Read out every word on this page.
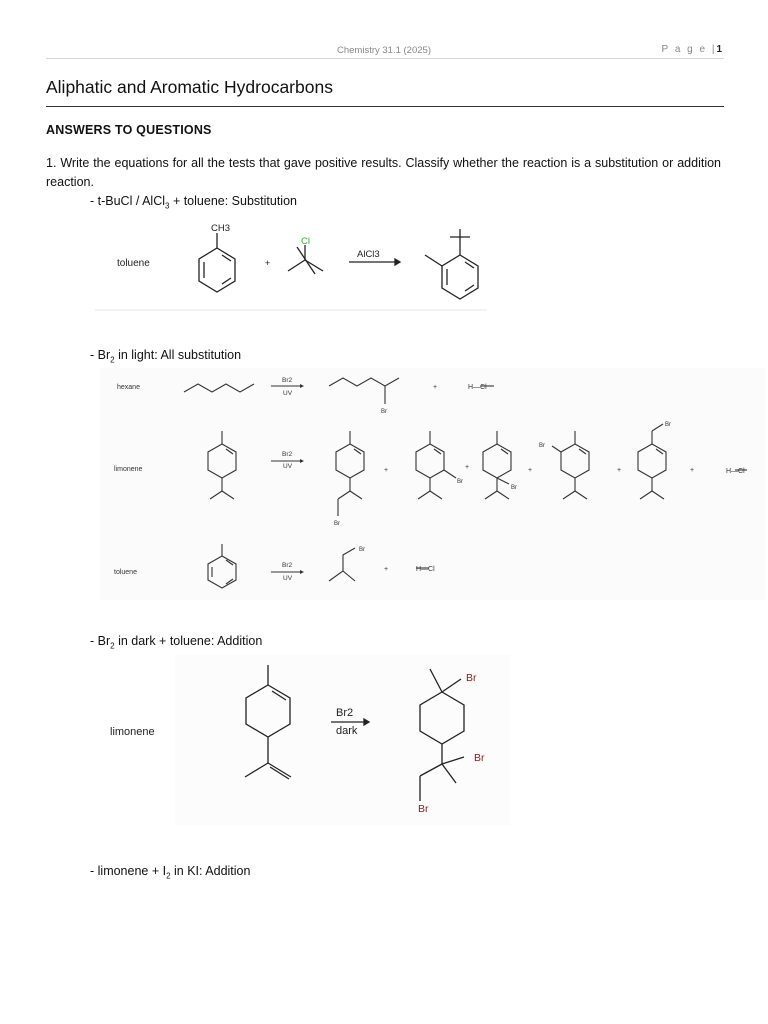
Chemistry 31.1 (2025)	P a g e |1
Aliphatic and Aromatic Hydrocarbons
ANSWERS TO QUESTIONS
1. Write the equations for all the tests that gave positive results. Classify whether the reaction is a substitution or addition reaction.
- t-BuCl / AlCl$_3$ + toluene: Substitution
toluene
CH3
+
Cl
AlCl3
- $Br_2$ in light: All substitution
hexane
limonene
toluene
Br2
UV
Br2
UV
Br2
UV
Br
Br
Br
Br
Br
Br
Br
+
+	+	+	+	+
+
H—Cl
H—Cl
H—Cl
- $Br_2$ in dark + toluene: Addition
limonene
Br2
dark
Br
Br
Br
- limonene + $I_2$ in KI: Addition
